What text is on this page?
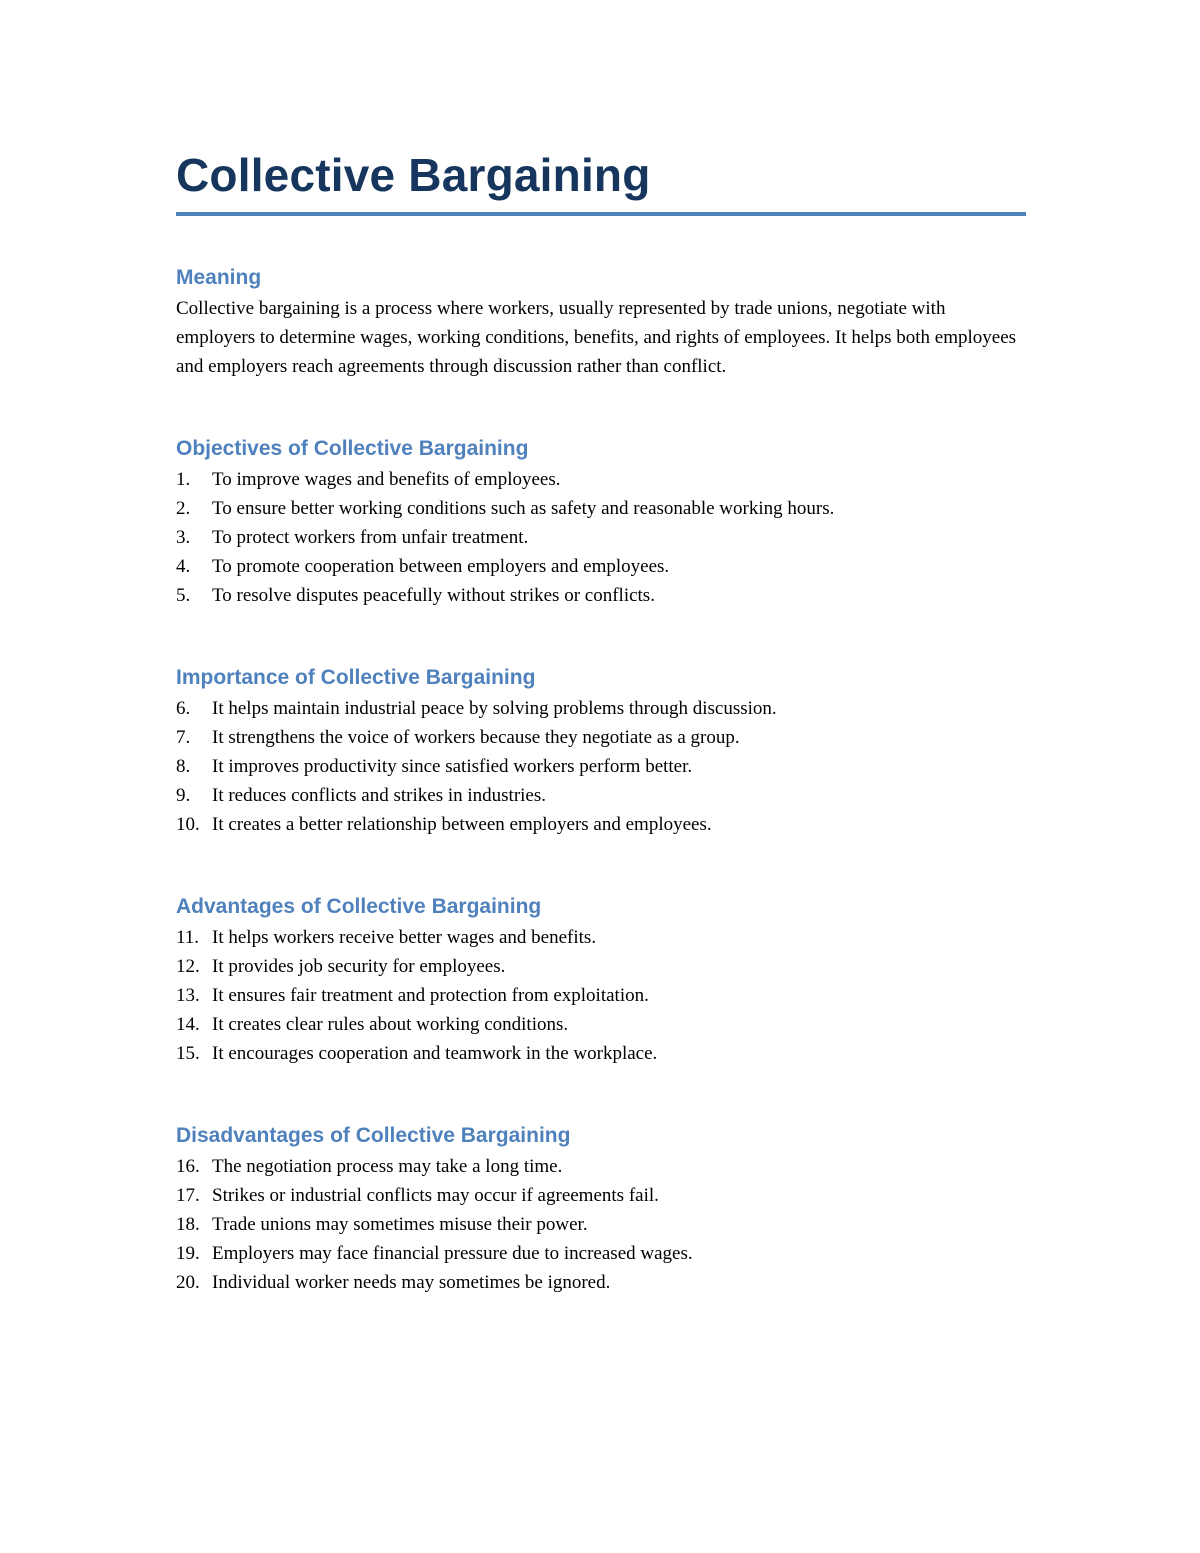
Collective Bargaining
Meaning

Collective bargaining is a process where workers, usually represented by trade unions, negotiate with employers to determine wages, working conditions, benefits, and rights of employees. It helps both employees and employers reach agreements through discussion rather than conflict.

Objectives of Collective Bargaining
1.	To improve wages and benefits of employees.
2.	To ensure better working conditions such as safety and reasonable working hours.
3.	To protect workers from unfair treatment.
4.	To promote cooperation between employers and employees.
5.	To resolve disputes peacefully without strikes or conflicts.
Importance of Collective Bargaining
6.	It helps maintain industrial peace by solving problems through discussion.
7.	It strengthens the voice of workers because they negotiate as a group.
8.	It improves productivity since satisfied workers perform better.
9.	It reduces conflicts and strikes in industries.
10. It creates a better relationship between employers and employees.
Advantages of Collective Bargaining
11. It helps workers receive better wages and benefits.
12. It provides job security for employees.
13. It ensures fair treatment and protection from exploitation.
14. It creates clear rules about working conditions.
15. It encourages cooperation and teamwork in the workplace.
Disadvantages of Collective Bargaining
16. The negotiation process may take a long time.
17. Strikes or industrial conflicts may occur if agreements fail.
18. Trade unions may sometimes misuse their power.
19. Employers may face financial pressure due to increased wages.
20. Individual worker needs may sometimes be ignored.
